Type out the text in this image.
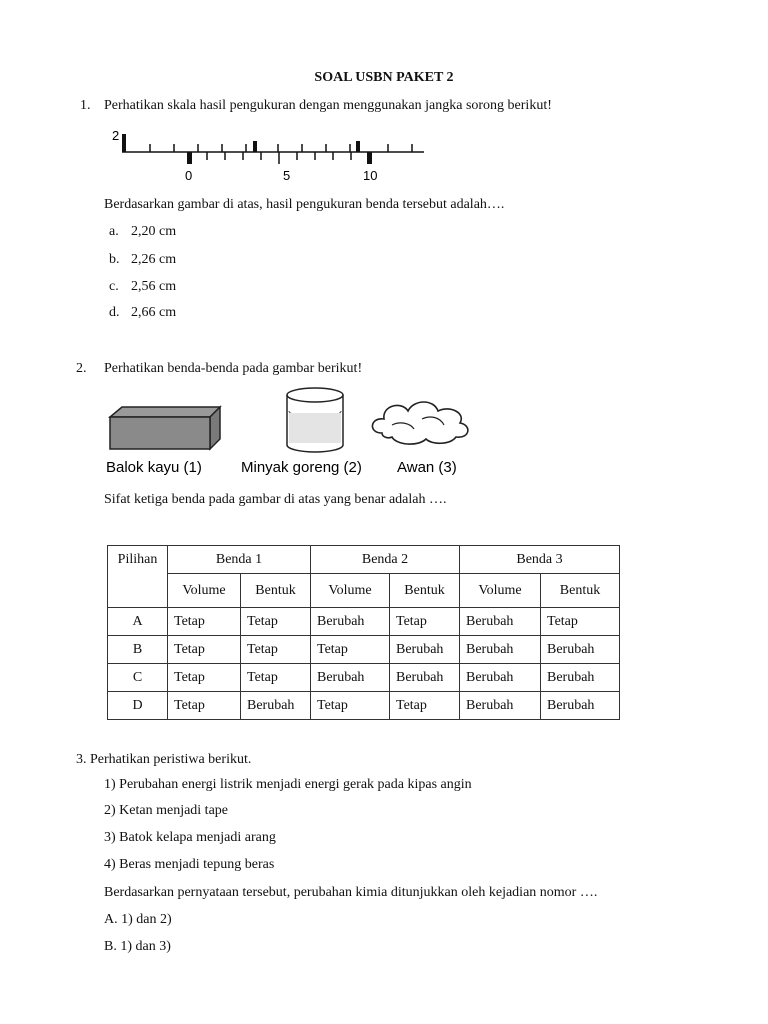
SOAL USBN PAKET 2
1. Perhatikan skala hasil pengukuran dengan menggunakan jangka sorong berikut!
2
0	5	10
Berdasarkan gambar di atas, hasil pengukuran benda tersebut adalah….
a. 2,20 cm
b. 2,26 cm
c. 2,56 cm
d. 2,66 cm
2. Perhatikan benda-benda pada gambar berikut!
Balok kayu (1)	Minyak goreng (2) Awan (3)
Sifat ketiga benda pada gambar di atas yang benar adalah ….
Pilihan	Benda 1		Benda 2		Benda 3	
	Volume	Bentuk	Volume	Bentuk	Volume	Bentuk
A	Tetap	Tetap	Berubah	Tetap	Berubah	Tetap
B	Tetap	Tetap	Tetap	Berubah	Berubah	Berubah
C	Tetap	Tetap	Berubah	Berubah	Berubah	Berubah
D	Tetap	Berubah	Tetap	Tetap	Berubah	Berubah
3. Perhatikan peristiwa berikut.
1) Perubahan energi listrik menjadi energi gerak pada kipas angin
2) Ketan menjadi tape
3) Batok kelapa menjadi arang
4) Beras menjadi tepung beras
Berdasarkan pernyataan tersebut, perubahan kimia ditunjukkan oleh kejadian nomor ….
A. 1) dan 2)
B. 1) dan 3)
